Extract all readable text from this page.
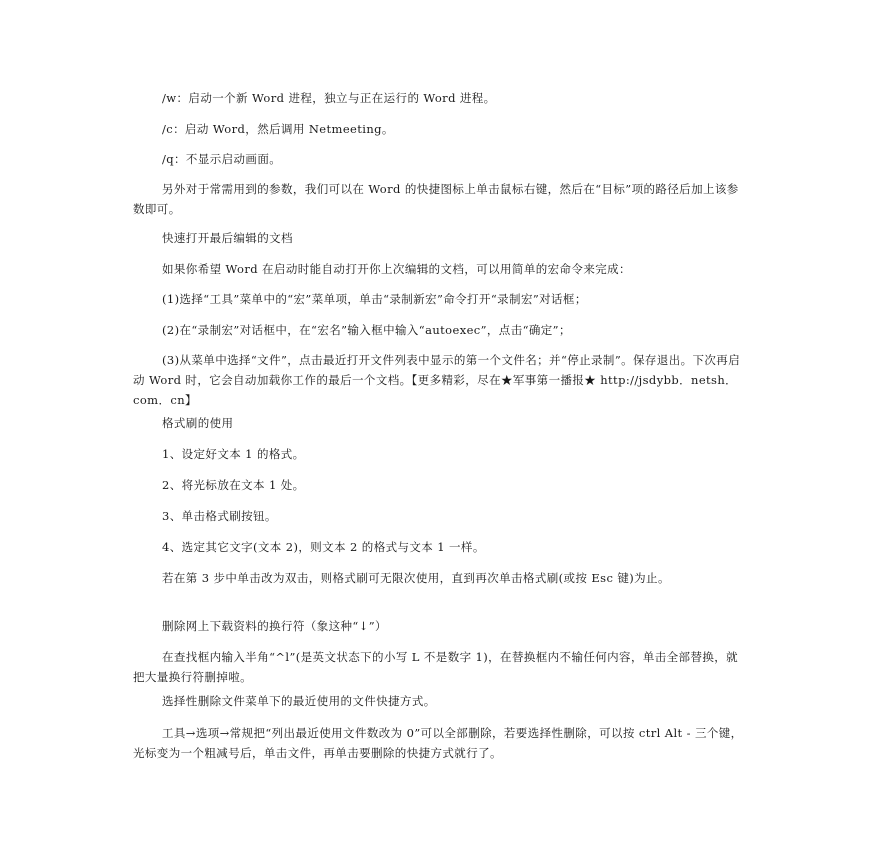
/w：启动一个新 Word 进程，独立与正在运行的 Word 进程。

/c：启动 Word，然后调用 Netmeeting。

/q：不显示启动画面。

另外对于常需用到的参数，我们可以在 Word 的快捷图标上单击鼠标右键，然后在“目标”项的路径后加上该参数即可。

快速打开最后编辑的文档

如果你希望 Word 在启动时能自动打开你上次编辑的文档，可以用简单的宏命令来完成：

(1)选择“工具”菜单中的“宏”菜单项，单击“录制新宏”命令打开“录制宏”对话框；

(2)在“录制宏”对话框中，在“宏名”输入框中输入“autoexec”，点击“确定”；

(3)从菜单中选择“文件”，点击最近打开文件列表中显示的第一个文件名；并“停止录制”。保存退出。下次再启动 Word 时，它会自动加载你工作的最后一个文档。【更多精彩，尽在★军事第一播报★ http://jsdybb．netsh．com．cn】

格式刷的使用

1、设定好文本 1 的格式。

2、将光标放在文本 1 处。

3、单击格式刷按钮。

4、选定其它文字(文本 2)，则文本 2 的格式与文本 1 一样。

若在第 3 步中单击改为双击，则格式刷可无限次使用，直到再次单击格式刷(或按 Esc 键)为止。

删除网上下载资料的换行符（象这种“↓”）

在查找框内输入半角“^l”(是英文状态下的小写 L 不是数字 1)，在替换框内不输任何内容，单击全部替换，就把大量换行符删掉啦。

选择性删除文件菜单下的最近使用的文件快捷方式。

工具→选项→常规把“列出最近使用文件数改为 0”可以全部删除，若要选择性删除，可以按 ctrl Alt - 三个键，光标变为一个粗减号后，单击文件，再单击要删除的快捷方式就行了。
